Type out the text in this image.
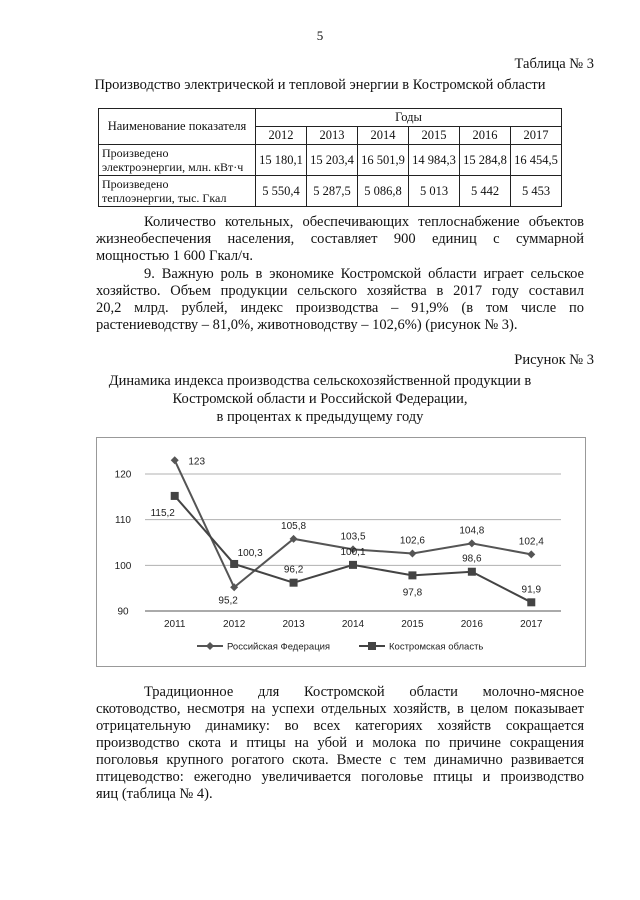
5
Таблица № 3
Производство электрической и тепловой энергии в Костромской области
Наименование показателя	Годы					
	2012	2013	2014	2015	2016	2017
Произведено
электроэнергии, млн. кВт·ч	15 180,1	15 203,4	16 501,9	14 984,3	15 284,8	16 454,5
Произведено
теплоэнергии, тыс. Гкал	5 550,4	5 287,5	5 086,8	5 013	5 442	5 453
Количество котельных, обеспечивающих теплоснабжение объектов
жизнеобеспечения населения, составляет 900 единиц с суммарной
мощностью 1 600 Гкал/ч.
9. Важную роль в экономике Костромской области играет сельское
хозяйство. Объем продукции сельского хозяйства в 2017 году составил
20,2 млрд. рублей, индекс производства – 91,9% (в том числе по
растениеводству – 81,0%, животноводству – 102,6%) (рисунок № 3).
Рисунок № 3
Динамика индекса производства сельскохозяйственной продукции в
Костромской области и Российской Федерации,
в процентах к предыдущему году
90
100
110
120
2011	2012	2013	2014	2015	2016	2017
123
95,2
105,8
103,5	102,6
104,8
102,4
115,2
100,3
96,2
100,1
97,8
98,6
91,9
Российская Федерация	Костромская область
Традиционное для Костромской области молочно-мясное
скотоводство, несмотря на успехи отдельных хозяйств, в целом показывает
отрицательную динамику: во всех категориях хозяйств сокращается
производство скота и птицы на убой и молока по причине сокращения
поголовья крупного рогатого скота. Вместе с тем динамично развивается
птицеводство: ежегодно увеличивается поголовье птицы и производство
яиц (таблица № 4).
